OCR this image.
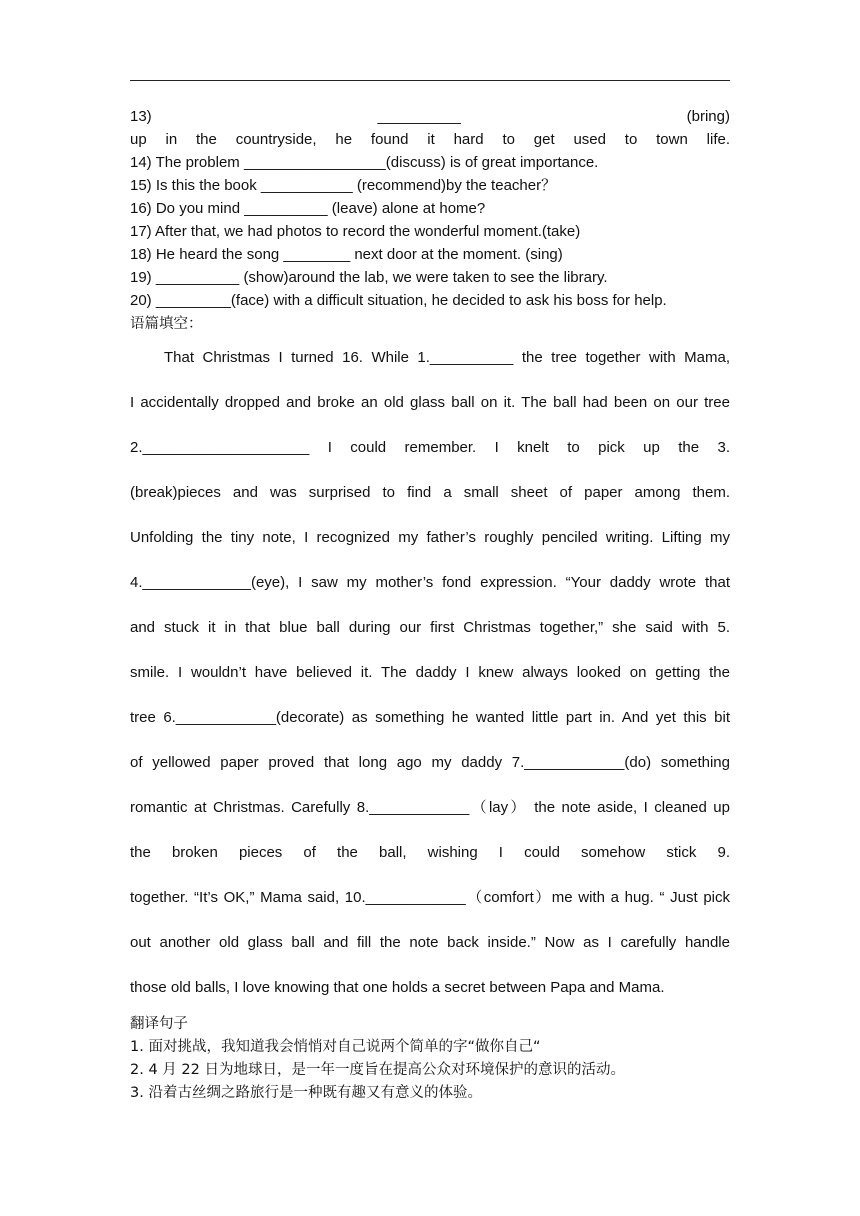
13) __________ (bring)
up in the countryside, he found it hard to get used to town life.
14) The problem _________________(discuss) is of great importance.
15) Is this the book ___________ (recommend)by the teacher？
16) Do you mind __________ (leave) alone at home?
17) After that, we had photos to record the wonderful moment.(take)
18) He heard the song ________ next door at the moment. (sing)
19) __________ (show)around the lab, we were taken to see the library.
20) _________(face) with a difficult situation, he decided to ask his boss for help.
语篇填空：
That Christmas I turned 16. While 1.__________ the tree together with Mama,
I accidentally dropped and broke an old glass ball on it. The ball had been on our tree
2.____________________ I could remember. I knelt to pick up the 3.
(break)pieces and was surprised to find a small sheet of paper among them.
Unfolding the tiny note, I recognized my father’s roughly penciled writing. Lifting my
4._____________(eye), I saw my mother’s fond expression. “Your daddy wrote that
and stuck it in that blue ball during our first Christmas together,” she said with 5.
smile. I wouldn’t have believed it. The daddy I knew always looked on getting the
tree 6.____________(decorate) as something he wanted little part in. And yet this bit
of yellowed paper proved that long ago my daddy 7.____________(do) something
romantic at Christmas. Carefully 8.____________（lay） the note aside, I cleaned up
the broken pieces of the ball, wishing I could somehow stick 9.
together. “It’s OK,” Mama said, 10.____________（comfort）me with a hug. “ Just pick
out another old glass ball and fill the note back inside.” Now as I carefully handle
those old balls, I love knowing that one holds a secret between Papa and Mama.
翻译句子
1. 面对挑战，我知道我会悄悄对自己说两个简单的字“做你自己“
2. 4 月 22 日为地球日，是一年一度旨在提高公众对环境保护的意识的活动。
3. 沿着古丝绸之路旅行是一种既有趣又有意义的体验。
